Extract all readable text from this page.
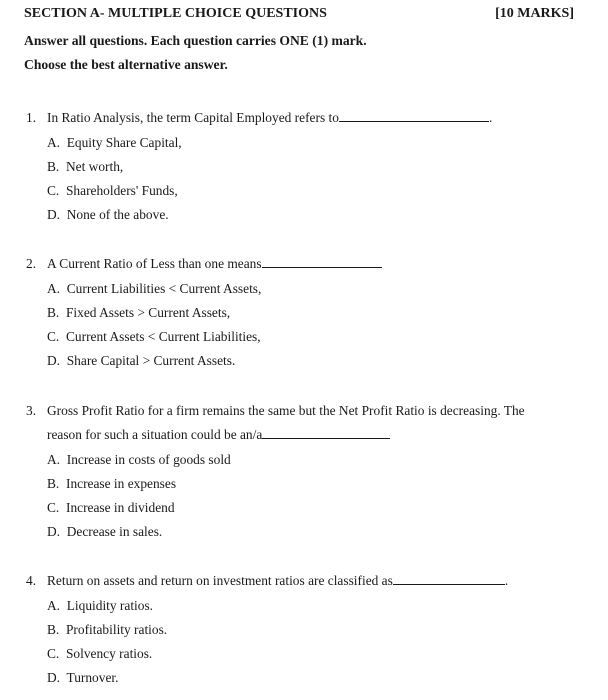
SECTION A- MULTIPLE CHOICE QUESTIONS	[10 MARKS]
Answer all questions. Each question carries ONE (1) mark.
Choose the best alternative answer.
1. In Ratio Analysis, the term Capital Employed refers to	.
A. Equity Share Capital,
B. Net worth,
C. Shareholders' Funds,
D. None of the above.
2. A Current Ratio of Less than one means
A. Current Liabilities < Current Assets,
B. Fixed Assets > Current Assets,
C. Current Assets < Current Liabilities,
D. Share Capital > Current Assets.
3. Gross Profit Ratio for a firm remains the same but the Net Profit Ratio is decreasing. The
reason for such a situation could be an/a
A. Increase in costs of goods sold
B. Increase in expenses
C. Increase in dividend
D. Decrease in sales.
4. Return on assets and return on investment ratios are classified as	.
A. Liquidity ratios.
B. Profitability ratios.
C. Solvency ratios.
D. Turnover.
